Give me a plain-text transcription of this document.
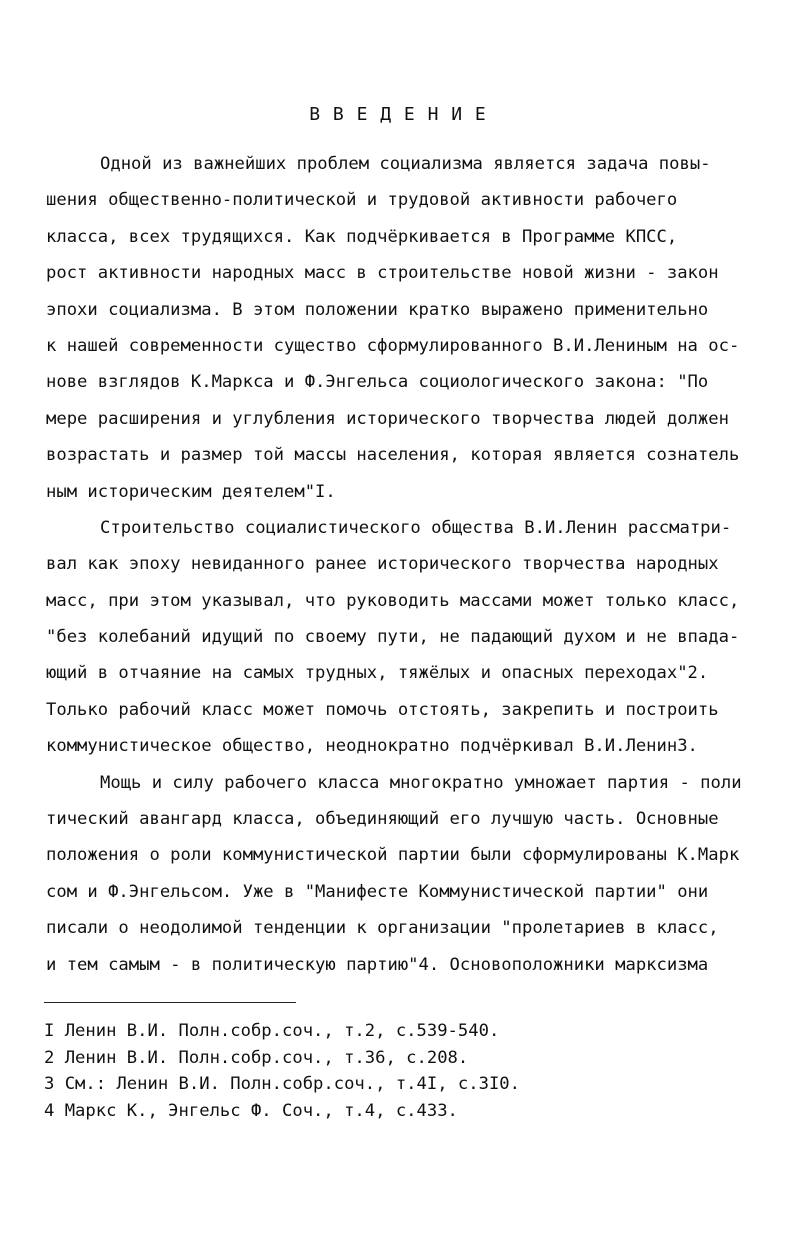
В В Е Д Е Н И Е
Одной из важнейших проблем социализма является задача повы-
шения общественно-политической и трудовой активности рабочего
класса, всех трудящихся. Как подчёркивается в Программе КПСС,
рост активности народных масс в строительстве новой жизни - закон
эпохи социализма. В этом положении кратко выражено применительно
к нашей современности существо сформулированного В.И.Лениным на ос-
нове взглядов К.Маркса и Ф.Энгельса социологического закона: "По
мере расширения и углубления исторического творчества людей должен
возрастать и размер той массы населения, которая является сознатель
ным историческим деятелем"I.
Строительство социалистического общества В.И.Ленин рассматри-
вал как эпоху невиданного ранее исторического творчества народных
масс, при этом указывал, что руководить массами может только класс,
"без колебаний идущий по своему пути, не падающий духом и не впада-
ющий в отчаяние на самых трудных, тяжёлых и опасных переходах"2.
Только рабочий класс может помочь отстоять, закрепить и построить
коммунистическое общество, неоднократно подчёркивал В.И.Ленин3.
Мощь и силу рабочего класса многократно умножает партия - поли
тический авангард класса, объединяющий его лучшую часть. Основные
положения о роли коммунистической партии были сформулированы К.Марк
сом и Ф.Энгельсом. Уже в "Манифесте Коммунистической партии" они
писали о неодолимой тенденции к организации "пролетариев в класс,
и тем самым - в политическую партию"4. Основоположники марксизма
I Ленин В.И. Полн.собр.соч., т.2, с.539-540.
2 Ленин В.И. Полн.собр.соч., т.36, с.208.
3 См.: Ленин В.И. Полн.собр.соч., т.4I, с.3I0.
4 Маркс К., Энгельс Ф. Соч., т.4, с.433.
